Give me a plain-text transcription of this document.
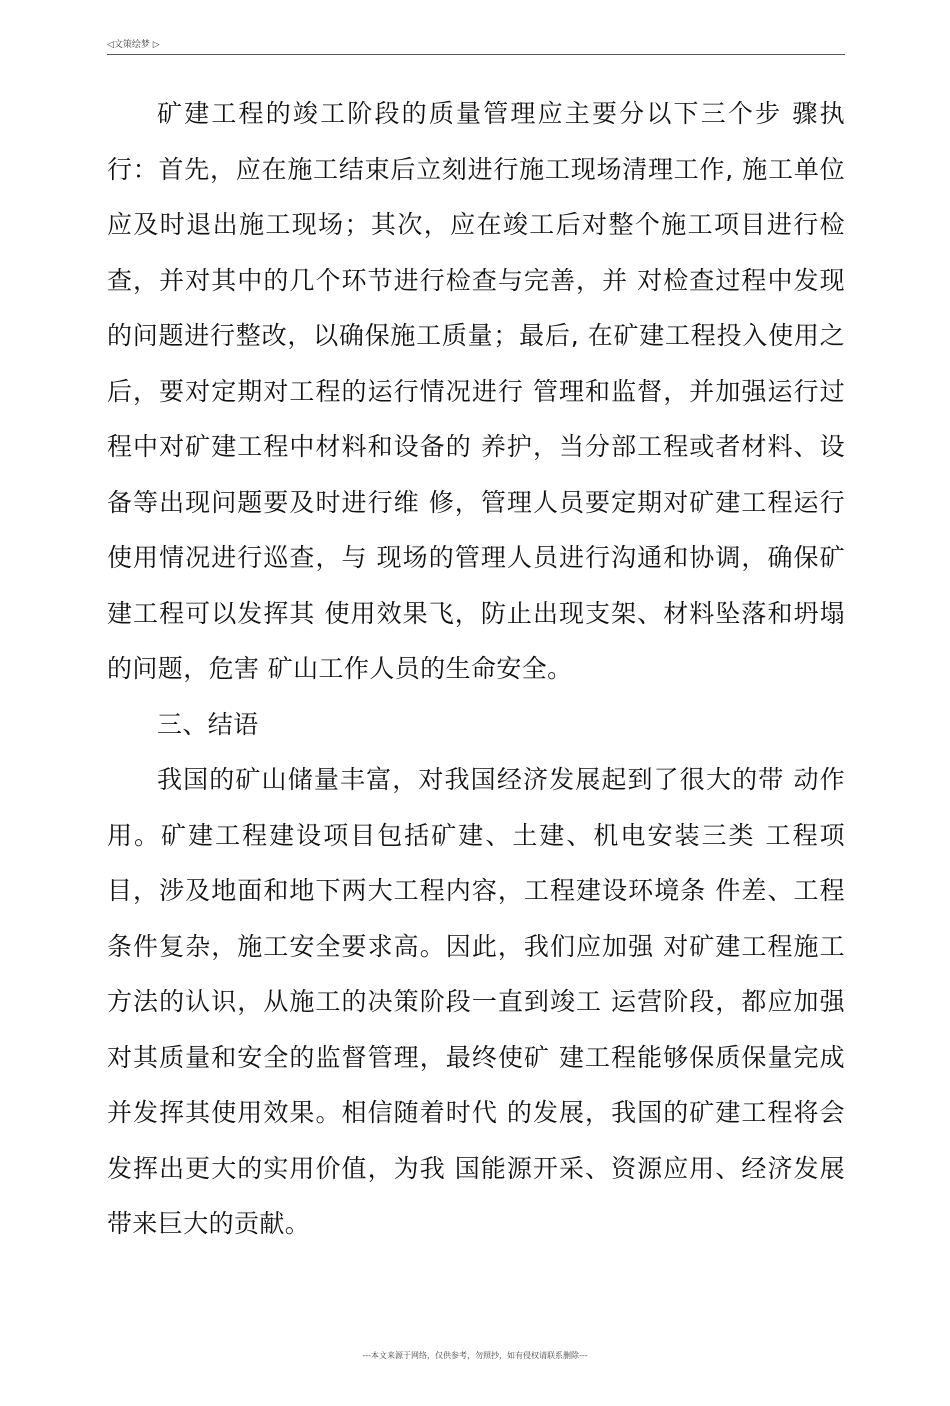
◁文策绘梦 ▷

矿建工程的竣工阶段的质量管理应主要分以下三个步 骤执行：首先，应在施工结束后立刻进行施工现场清理工作, 施工单位应及时退出施工现场；其次，应在竣工后对整个施工项目进行检查，并对其中的几个环节进行检查与完善，并 对检查过程中发现的问题进行整改，以确保施工质量；最后, 在矿建工程投入使用之后，要对定期对工程的运行情况进行 管理和监督，并加强运行过程中对矿建工程中材料和设备的 养护，当分部工程或者材料、设备等出现问题要及时进行维 修，管理人员要定期对矿建工程运行使用情况进行巡查，与 现场的管理人员进行沟通和协调，确保矿建工程可以发挥其 使用效果飞，防止出现支架、材料坠落和坍塌的问题，危害 矿山工作人员的生命安全。

三、结语

我国的矿山储量丰富，对我国经济发展起到了很大的带 动作用。矿建工程建设项目包括矿建、土建、机电安装三类 工程项目，涉及地面和地下两大工程内容，工程建设环境条 件差、工程条件复杂，施工安全要求高。因此，我们应加强 对矿建工程施工方法的认识，从施工的决策阶段一直到竣工 运营阶段，都应加强对其质量和安全的监督管理，最终使矿 建工程能够保质保量完成并发挥其使用效果。相信随着时代 的发展，我国的矿建工程将会发挥出更大的实用价值，为我 国能源开采、资源应用、经济发展带来巨大的贡献。

---本文来源于网络，仅供参考，勿照抄，如有侵权请联系删除---
